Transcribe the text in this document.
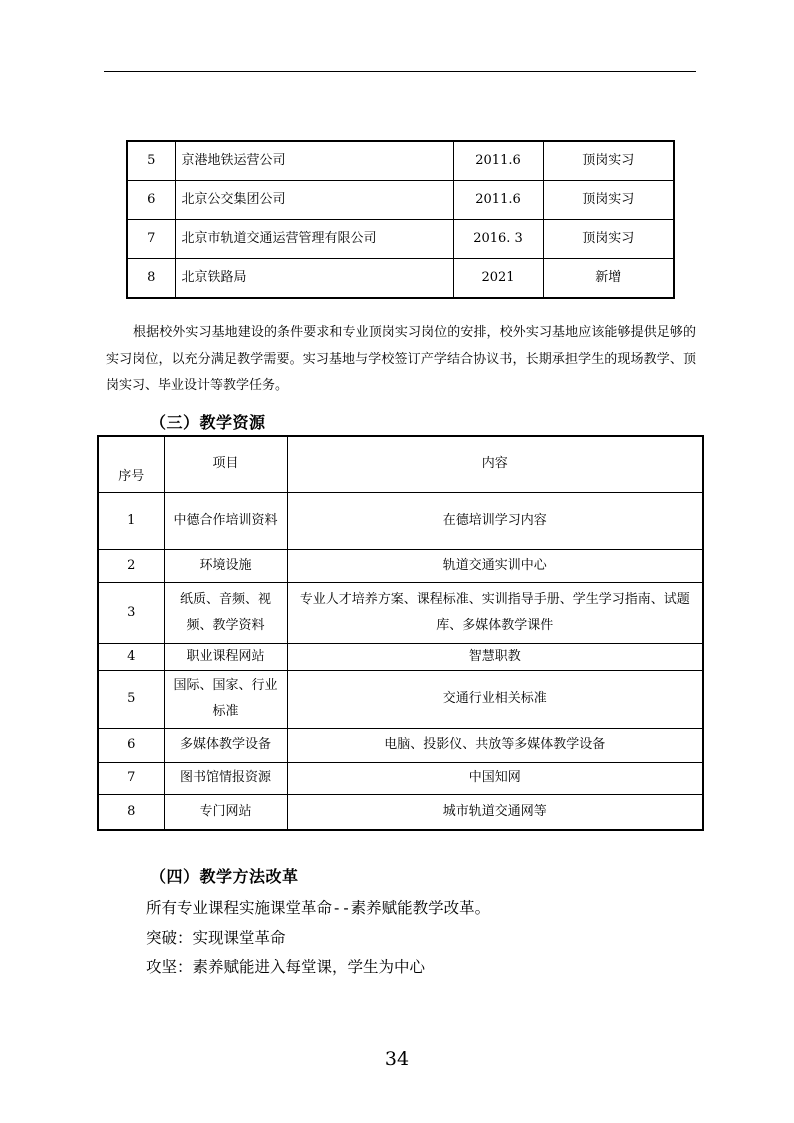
5	京港地铁运营公司	2011.6	顶岗实习
6	北京公交集团公司	2011.6	顶岗实习
7	北京市轨道交通运营管理有限公司	2016. 3	顶岗实习
8	北京铁路局	2021	新增

根据校外实习基地建设的条件要求和专业顶岗实习岗位的安排，校外实习基地应该能够提供足够的实习岗位，以充分满足教学需要。实习基地与学校签订产学结合协议书，长期承担学生的现场教学、顶岗实习、毕业设计等教学任务。

（三）教学资源
序号	项目	内容
1	中德合作培训资料	在德培训学习内容
2	环境设施	轨道交通实训中心
3	纸质、音频、视频、教学资料	专业人才培养方案、课程标准、实训指导手册、学生学习指南、试题库、多媒体教学课件
4	职业课程网站	智慧职教
5	国际、国家、行业标准	交通行业相关标准
6	多媒体教学设备	电脑、投影仪、共放等多媒体教学设备
7	图书馆情报资源	中国知网
8	专门网站	城市轨道交通网等
（四）教学方法改革

所有专业课程实施课堂革命--素养赋能教学改革。

突破：实现课堂革命

攻坚：素养赋能进入每堂课，学生为中心

34
